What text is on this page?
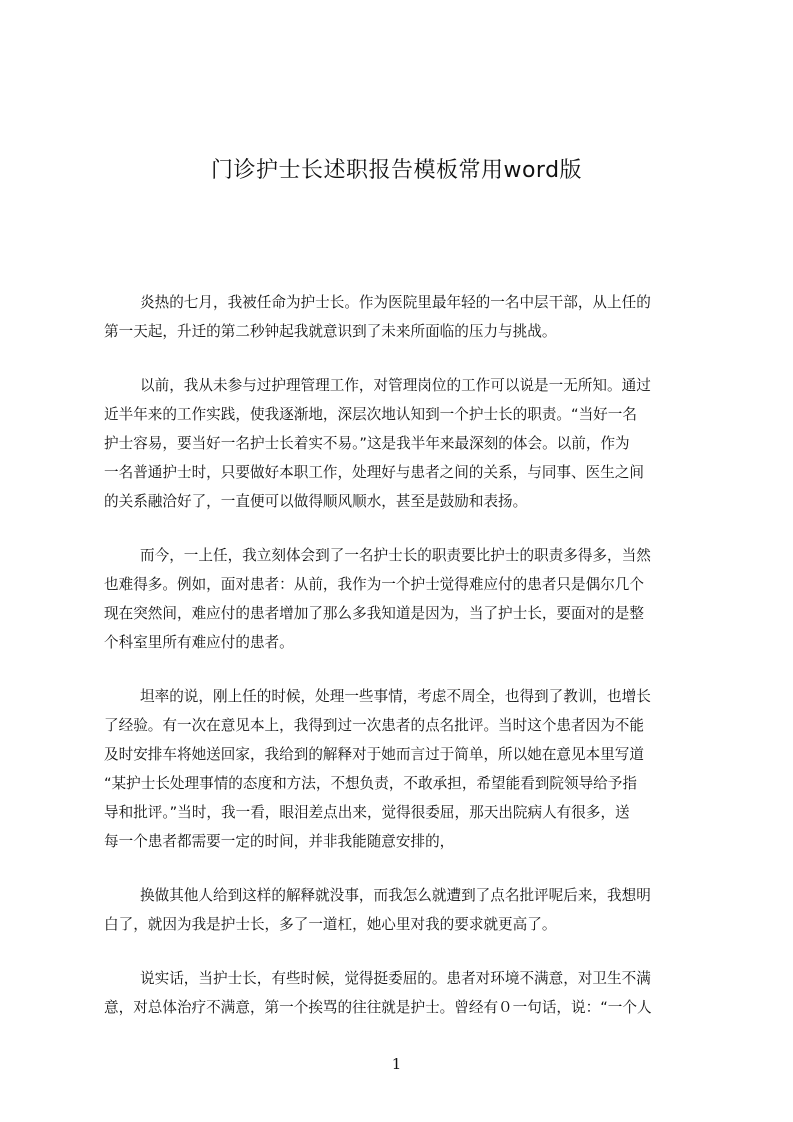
门诊护士长述职报告模板常用word版
炎热的七月，我被任命为护士长。作为医院里最年轻的一名中层干部，从上任的
第一天起，升迁的第二秒钟起我就意识到了未来所面临的压力与挑战。
以前，我从未参与过护理管理工作，对管理岗位的工作可以说是一无所知。通过
近半年来的工作实践，使我逐渐地，深层次地认知到一个护士长的职责。“当好一名
护士容易，要当好一名护士长着实不易。”这是我半年来最深刻的体会。以前，作为
一名普通护士时，只要做好本职工作，处理好与患者之间的关系，与同事、医生之间
的关系融洽好了，一直便可以做得顺风顺水，甚至是鼓励和表扬。
而今，一上任，我立刻体会到了一名护士长的职责要比护士的职责多得多，当然
也难得多。例如，面对患者：从前，我作为一个护士觉得难应付的患者只是偶尔几个
现在突然间，难应付的患者增加了那么多我知道是因为，当了护士长，要面对的是整
个科室里所有难应付的患者。
坦率的说，刚上任的时候，处理一些事情，考虑不周全，也得到了教训，也增长
了经验。有一次在意见本上，我得到过一次患者的点名批评。当时这个患者因为不能
及时安排车将她送回家，我给到的解释对于她而言过于简单，所以她在意见本里写道
“某护士长处理事情的态度和方法，不想负责，不敢承担，希望能看到院领导给予指
导和批评。”当时，我一看，眼泪差点出来，觉得很委屈，那天出院病人有很多，送
每一个患者都需要一定的时间，并非我能随意安排的，
换做其他人给到这样的解释就没事，而我怎么就遭到了点名批评呢后来，我想明
白了，就因为我是护士长，多了一道杠，她心里对我的要求就更高了。
说实话，当护士长，有些时候，觉得挺委屈的。患者对环境不满意，对卫生不满
意，对总体治疗不满意，第一个挨骂的往往就是护士。曾经有０一句话，说：“一个人
1
